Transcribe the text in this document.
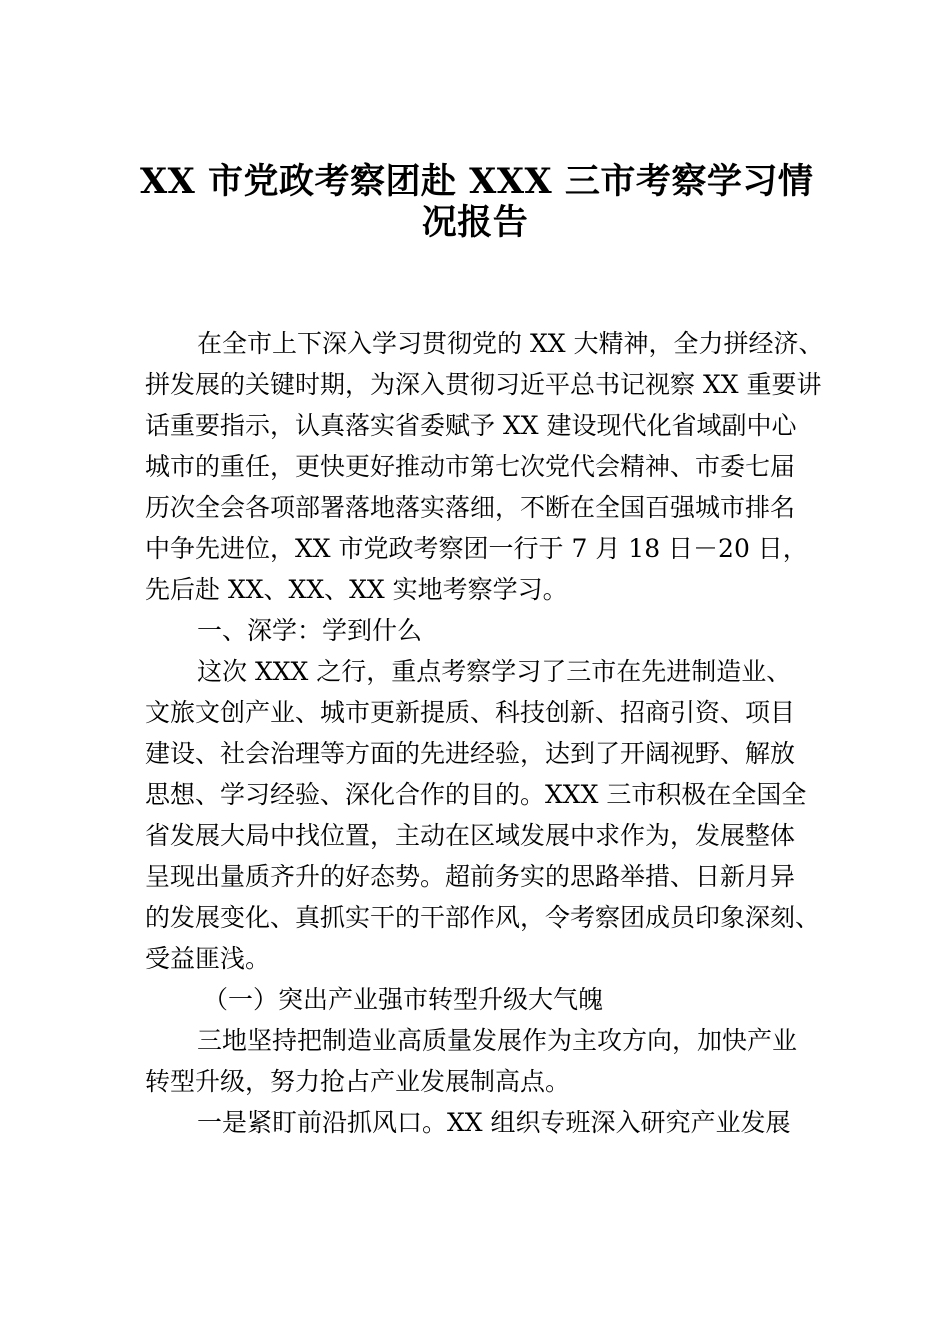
XX 市党政考察团赴 XXX 三市考察学习情
况报告
在全市上下深入学习贯彻党的 XX 大精神，全力拼经济、
拼发展的关键时期，为深入贯彻习近平总书记视察 XX 重要讲
话重要指示，认真落实省委赋予 XX 建设现代化省域副中心
城市的重任，更快更好推动市第七次党代会精神、市委七届
历次全会各项部署落地落实落细，不断在全国百强城市排名
中争先进位，XX 市党政考察团一行于 7 月 18 日－20 日，
先后赴 XX、XX、XX 实地考察学习。
一、深学：学到什么
这次 XXX 之行，重点考察学习了三市在先进制造业、
文旅文创产业、城市更新提质、科技创新、招商引资、项目
建设、社会治理等方面的先进经验，达到了开阔视野、解放
思想、学习经验、深化合作的目的。XXX 三市积极在全国全
省发展大局中找位置，主动在区域发展中求作为，发展整体
呈现出量质齐升的好态势。超前务实的思路举措、日新月异
的发展变化、真抓实干的干部作风，令考察团成员印象深刻、
受益匪浅。
（一）突出产业强市转型升级大气魄
三地坚持把制造业高质量发展作为主攻方向，加快产业
转型升级，努力抢占产业发展制高点。
一是紧盯前沿抓风口。XX 组织专班深入研究产业发展
